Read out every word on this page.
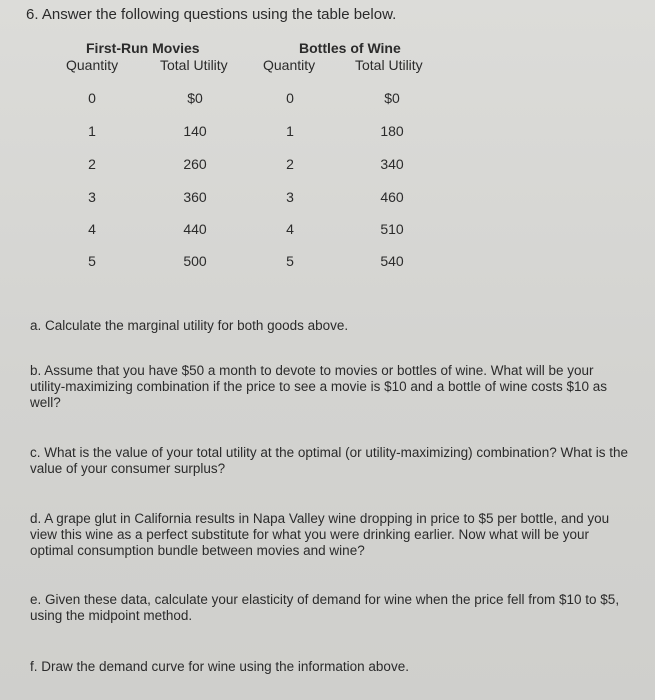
6. Answer the following questions using the table below.
First-Run Movies	Bottles of Wine
Quantity	Total Utility	Quantity	Total Utility
0	$0	0	$0
1	140	1	180
2	260	2	340
3	360	3	460
4	440	4	510
5	500	5	540
a. Calculate the marginal utility for both goods above.
b. Assume that you have $50 a month to devote to movies or bottles of wine. What will be your utility-maximizing combination if the price to see a movie is $10 and a bottle of wine costs $10 as well?
c. What is the value of your total utility at the optimal (or utility-maximizing) combination? What is the value of your consumer surplus?
d. A grape glut in California results in Napa Valley wine dropping in price to $5 per bottle, and you view this wine as a perfect substitute for what you were drinking earlier. Now what will be your optimal consumption bundle between movies and wine?
e. Given these data, calculate your elasticity of demand for wine when the price fell from $10 to $5, using the midpoint method.
f. Draw the demand curve for wine using the information above.
